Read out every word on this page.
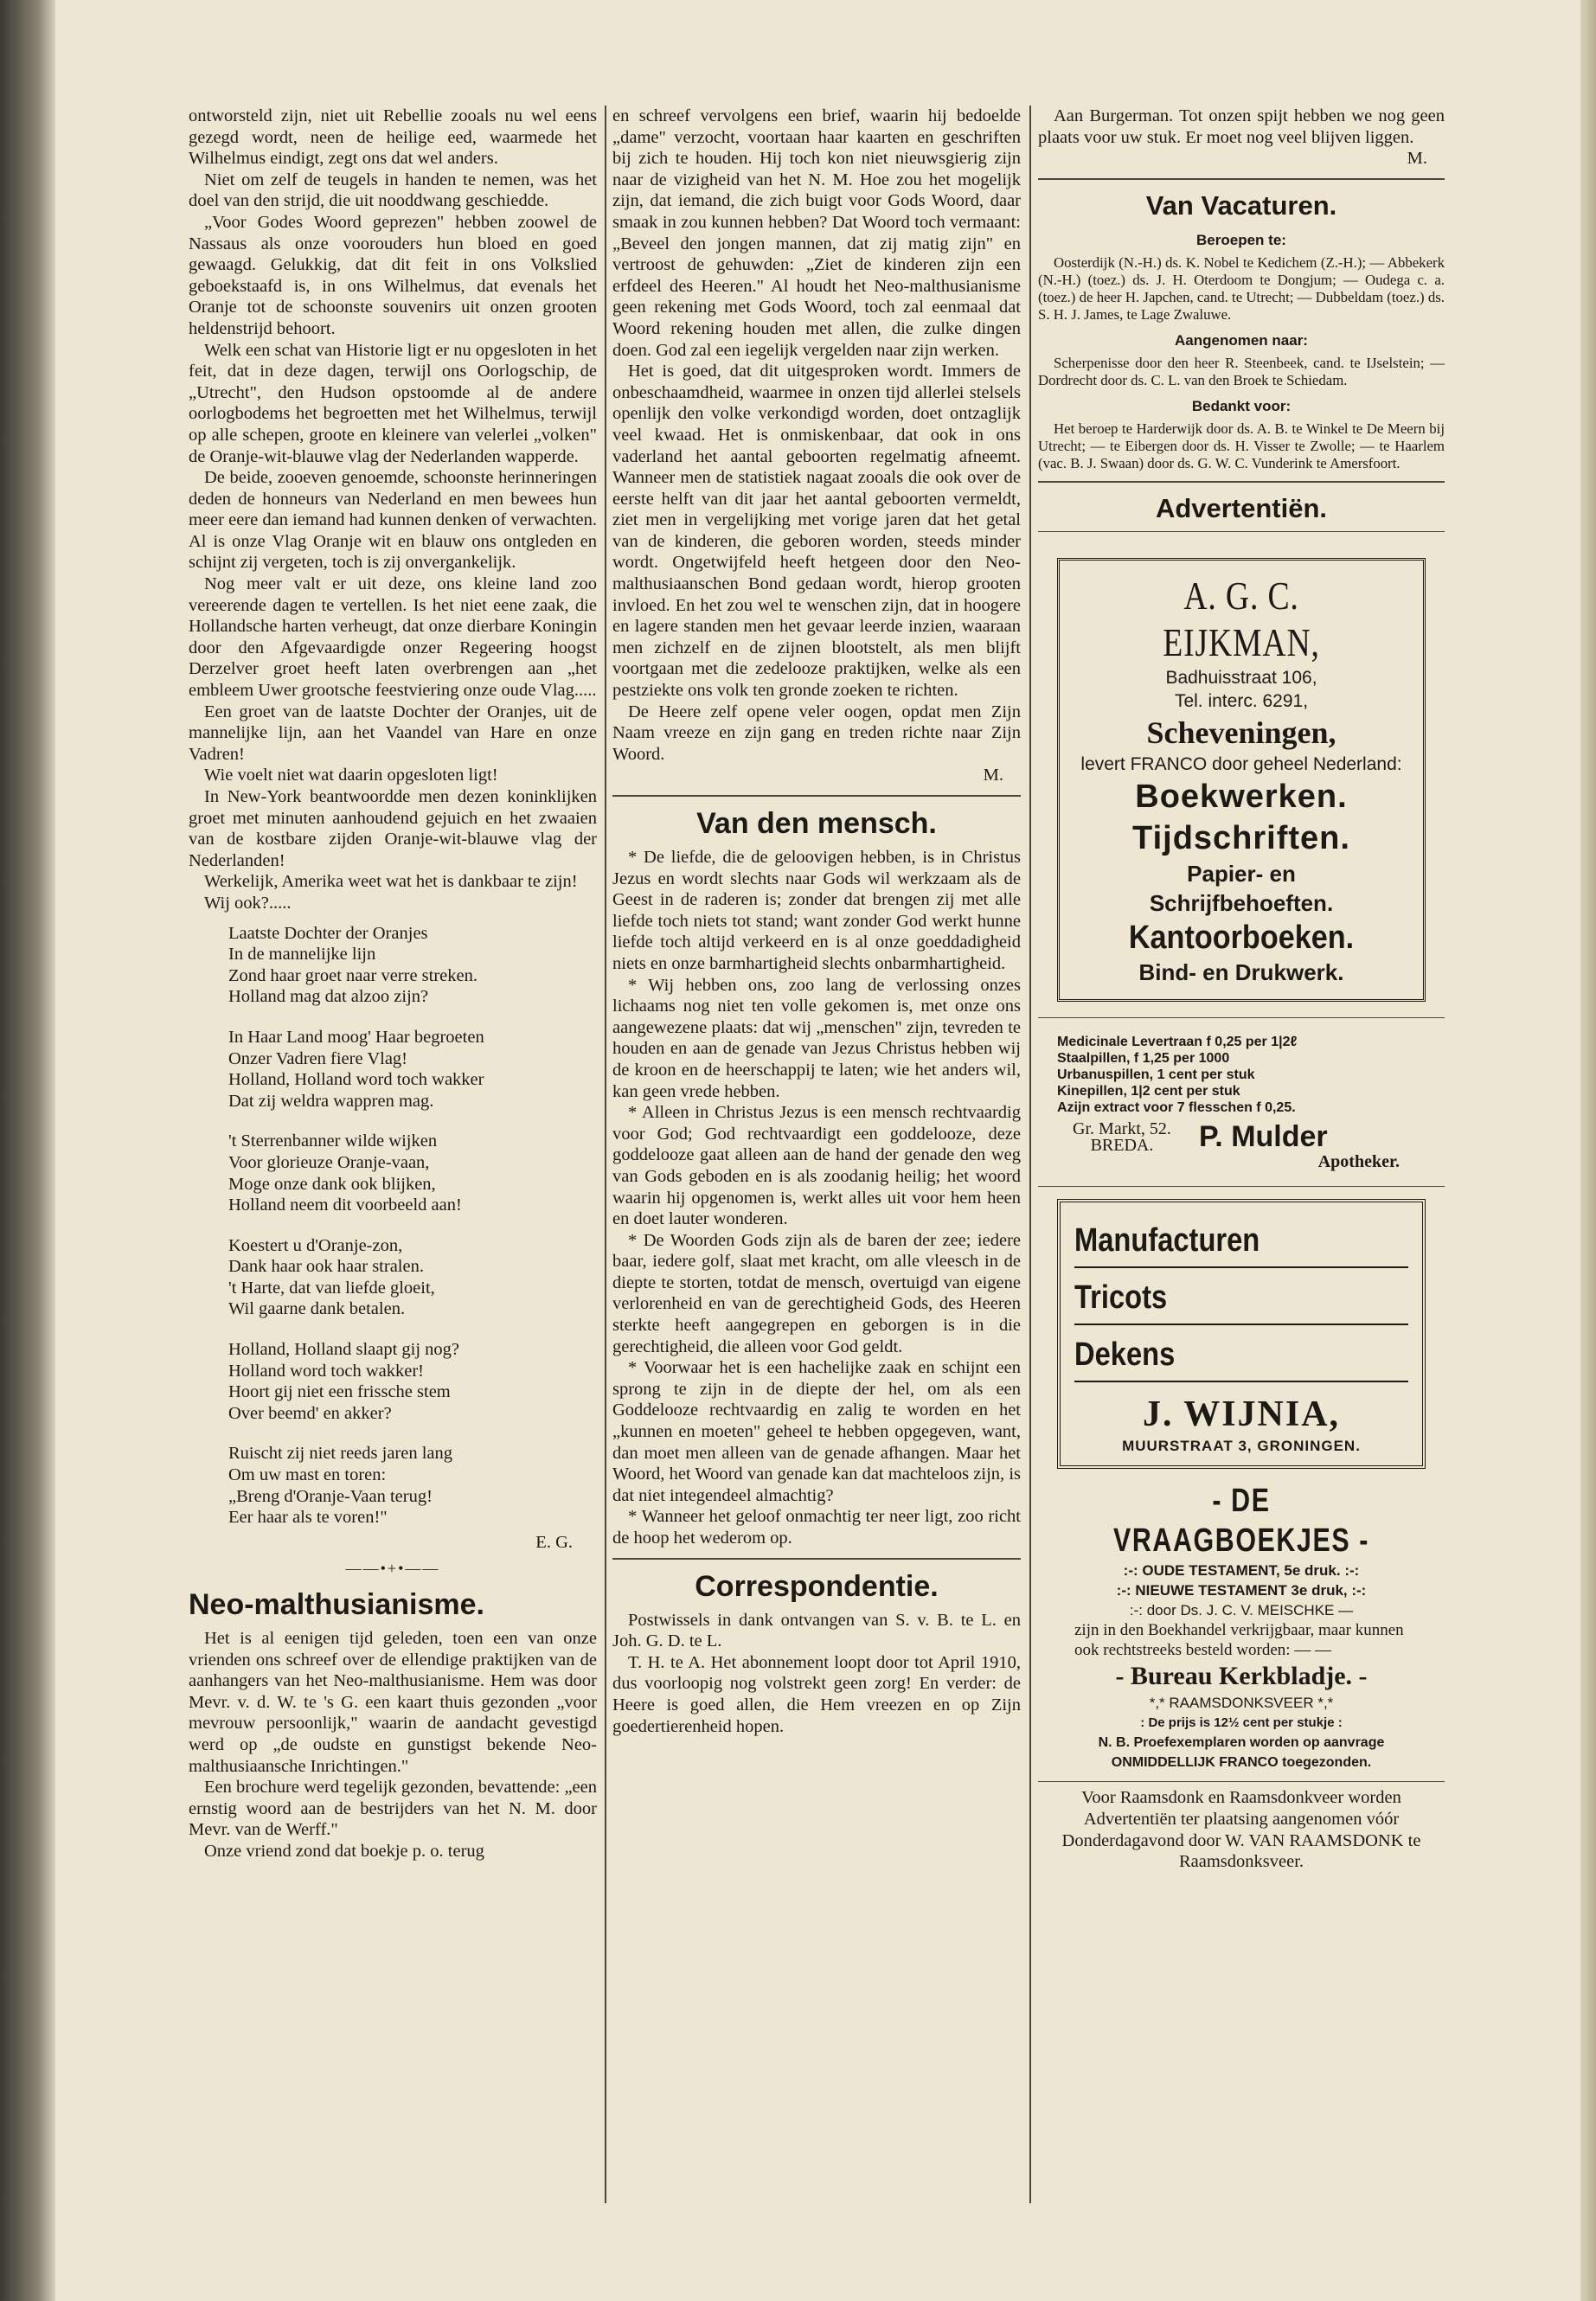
ontworsteld zijn, niet uit Rebellie zooals nu wel eens gezegd wordt, neen de heilige eed, waarmede het Wilhelmus eindigt, zegt ons dat wel anders.

Niet om zelf de teugels in handen te nemen, was het doel van den strijd, die uit nooddwang geschiedde.

„Voor Godes Woord geprezen" hebben zoowel de Nassaus als onze voorouders hun bloed en goed gewaagd. Gelukkig, dat dit feit in ons Volkslied geboekstaafd is, in ons Wilhelmus, dat evenals het Oranje tot de schoonste souvenirs uit onzen grooten heldenstrijd behoort.

Welk een schat van Historie ligt er nu opgesloten in het feit, dat in deze dagen, terwijl ons Oorlogschip, de „Utrecht", den Hudson opstoomde al de andere oorlogbodems het begroetten met het Wilhelmus, terwijl op alle schepen, groote en kleinere van velerlei „volken" de Oranje-wit-blauwe vlag der Nederlanden wapperde.

De beide, zooeven genoemde, schoonste herinneringen deden de honneurs van Nederland en men bewees hun meer eere dan iemand had kunnen denken of verwachten. Al is onze Vlag Oranje wit en blauw ons ontgleden en schijnt zij vergeten, toch is zij onvergankelijk.

Nog meer valt er uit deze, ons kleine land zoo vereerende dagen te vertellen. Is het niet eene zaak, die Hollandsche harten verheugt, dat onze dierbare Koningin door den Afgevaardigde onzer Regeering hoogst Derzelver groet heeft laten overbrengen aan „het embleem Uwer grootsche feestviering onze oude Vlag.....

Een groet van de laatste Dochter der Oranjes, uit de mannelijke lijn, aan het Vaandel van Hare en onze Vadren!

Wie voelt niet wat daarin opgesloten ligt!

In New-York beantwoordde men dezen koninklijken groet met minuten aanhoudend gejuich en het zwaaien van de kostbare zijden Oranje-wit-blauwe vlag der Nederlanden!

Werkelijk, Amerika weet wat het is dankbaar te zijn!

Wij ook?.....

Laatste Dochter der Oranjes
In de mannelijke lijn
Zond haar groet naar verre streken.
Holland mag dat alzoo zijn?
In Haar Land moog' Haar begroeten
Onzer Vadren fiere Vlag!
Holland, Holland word toch wakker
Dat zij weldra wappren mag.
't Sterrenbanner wilde wijken
Voor glorieuze Oranje-vaan,
Moge onze dank ook blijken,
Holland neem dit voorbeeld aan!
Koestert u d'Oranje-zon,
Dank haar ook haar stralen.
't Harte, dat van liefde gloeit,
Wil gaarne dank betalen.
Holland, Holland slaapt gij nog?
Holland word toch wakker!
Hoort gij niet een frissche stem
Over beemd' en akker?
Ruischt zij niet reeds jaren lang
Om uw mast en toren:
„Breng d'Oranje-Vaan terug!
Eer haar als te voren!"

E. G.

——•+•——
Neo-malthusianisme.

Het is al eenigen tijd geleden, toen een van onze vrienden ons schreef over de ellendige praktijken van de aanhangers van het Neo-malthusianisme. Hem was door Mevr. v. d. W. te 's G. een kaart thuis gezonden „voor mevrouw persoonlijk," waarin de aandacht gevestigd werd op „de oudste en gunstigst bekende Neo-malthusiaansche Inrichtingen."

Een brochure werd tegelijk gezonden, bevattende: „een ernstig woord aan de bestrijders van het N. M. door Mevr. van de Werff."

Onze vriend zond dat boekje p. o. terug

en schreef vervolgens een brief, waarin hij bedoelde „dame" verzocht, voortaan haar kaarten en geschriften bij zich te houden. Hij toch kon niet nieuwsgierig zijn naar de vizigheid van het N. M. Hoe zou het mogelijk zijn, dat iemand, die zich buigt voor Gods Woord, daar smaak in zou kunnen hebben? Dat Woord toch vermaant: „Beveel den jongen mannen, dat zij matig zijn" en vertroost de gehuwden: „Ziet de kinderen zijn een erfdeel des Heeren." Al houdt het Neo-malthusianisme geen rekening met Gods Woord, toch zal eenmaal dat Woord rekening houden met allen, die zulke dingen doen. God zal een iegelijk vergelden naar zijn werken.

Het is goed, dat dit uitgesproken wordt. Immers de onbeschaamdheid, waarmee in onzen tijd allerlei stelsels openlijk den volke verkondigd worden, doet ontzaglijk veel kwaad. Het is onmiskenbaar, dat ook in ons vaderland het aantal geboorten regelmatig afneemt. Wanneer men de statistiek nagaat zooals die ook over de eerste helft van dit jaar het aantal geboorten vermeldt, ziet men in vergelijking met vorige jaren dat het getal van de kinderen, die geboren worden, steeds minder wordt. Ongetwijfeld heeft hetgeen door den Neo-malthusiaanschen Bond gedaan wordt, hierop grooten invloed. En het zou wel te wenschen zijn, dat in hoogere en lagere standen men het gevaar leerde inzien, waaraan men zichzelf en de zijnen blootstelt, als men blijft voortgaan met die zedelooze praktijken, welke als een pestziekte ons volk ten gronde zoeken te richten.

De Heere zelf opene veler oogen, opdat men Zijn Naam vreeze en zijn gang en treden richte naar Zijn Woord.

M.

Van den mensch.

* De liefde, die de geloovigen hebben, is in Christus Jezus en wordt slechts naar Gods wil werkzaam als de Geest in de raderen is; zonder dat brengen zij met alle liefde toch niets tot stand; want zonder God werkt hunne liefde toch altijd verkeerd en is al onze goeddadigheid niets en onze barmhartigheid slechts onbarmhartigheid.

* Wij hebben ons, zoo lang de verlossing onzes lichaams nog niet ten volle gekomen is, met onze ons aangewezene plaats: dat wij „menschen" zijn, tevreden te houden en aan de genade van Jezus Christus hebben wij de kroon en de heerschappij te laten; wie het anders wil, kan geen vrede hebben.

* Alleen in Christus Jezus is een mensch rechtvaardig voor God; God rechtvaardigt een goddelooze, deze goddelooze gaat alleen aan de hand der genade den weg van Gods geboden en is als zoodanig heilig; het woord waarin hij opgenomen is, werkt alles uit voor hem heen en doet lauter wonderen.

* De Woorden Gods zijn als de baren der zee; iedere baar, iedere golf, slaat met kracht, om alle vleesch in de diepte te storten, totdat de mensch, overtuigd van eigene verlorenheid en van de gerechtigheid Gods, des Heeren sterkte heeft aangegrepen en geborgen is in die gerechtigheid, die alleen voor God geldt.

* Voorwaar het is een hachelijke zaak en schijnt een sprong te zijn in de diepte der hel, om als een Goddelooze rechtvaardig en zalig te worden en het „kunnen en moeten" geheel te hebben opgegeven, want, dan moet men alleen van de genade afhangen. Maar het Woord, het Woord van genade kan dat machteloos zijn, is dat niet integendeel almachtig?

* Wanneer het geloof onmachtig ter neer ligt, zoo richt de hoop het wederom op.

Correspondentie.

Postwissels in dank ontvangen van S. v. B. te L. en Joh. G. D. te L.

T. H. te A. Het abonnement loopt door tot April 1910, dus voorloopig nog volstrekt geen zorg! En verder: de Heere is goed allen, die Hem vreezen en op Zijn goedertierenheid hopen.

Aan Burgerman. Tot onzen spijt hebben we nog geen plaats voor uw stuk. Er moet nog veel blijven liggen.

M.

Van Vacaturen.
Beroepen te:

Oosterdijk (N.-H.) ds. K. Nobel te Kedichem (Z.-H.); — Abbekerk (N.-H.) (toez.) ds. J. H. Oterdoom te Dongjum; — Oudega c. a. (toez.) de heer H. Japchen, cand. te Utrecht; — Dubbeldam (toez.) ds. S. H. J. James, te Lage Zwaluwe.

Aangenomen naar:

Scherpenisse door den heer R. Steenbeek, cand. te IJselstein; — Dordrecht door ds. C. L. van den Broek te Schiedam.

Bedankt voor:

Het beroep te Harderwijk door ds. A. B. te Winkel te De Meern bij Utrecht; — te Eibergen door ds. H. Visser te Zwolle; — te Haarlem (vac. B. J. Swaan) door ds. G. W. C. Vunderink te Amersfoort.

Advertentiën.
A. G. C. EIJKMAN,
Badhuisstraat 106,
Tel. interc. 6291,
Scheveningen,
levert FRANCO door geheel Nederland:
Boekwerken.
Tijdschriften.
Papier- en
Schrijfbehoeften.
Kantoorboeken.
Bind- en Drukwerk.
Medicinale Levertraan f 0,25 per 1|2ℓ
Staalpillen, f 1,25 per 1000
Urbanuspillen, 1 cent per stuk
Kinepillen, 1|2 cent per stuk
Azijn extract voor 7 flesschen f 0,25.
Gr. Markt, 52. BREDA.	P. Mulder
Apotheker.
Manufacturen
Tricots
Dekens
J. WIJNIA,
MUURSTRAAT 3, GRONINGEN.
- DE VRAAGBOEKJES -
:-: OUDE TESTAMENT, 5e druk. :-:
:-: NIEUWE TESTAMENT 3e druk, :-:
:-: door Ds. J. C. V. MEISCHKE —
zijn in den Boekhandel verkrijgbaar, maar kunnen ook rechtstreeks besteld worden: — —
- Bureau Kerkbladje. -
*,* RAAMSDONKSVEER *,*
: De prijs is 12½ cent per stukje :
N. B. Proefexemplaren worden op aanvrage ONMIDDELLIJK FRANCO toegezonden.

Voor Raamsdonk en Raamsdonkveer worden Advertentiën ter plaatsing aangenomen vóór Donderdagavond door W. VAN RAAMSDONK te Raamsdonksveer.
